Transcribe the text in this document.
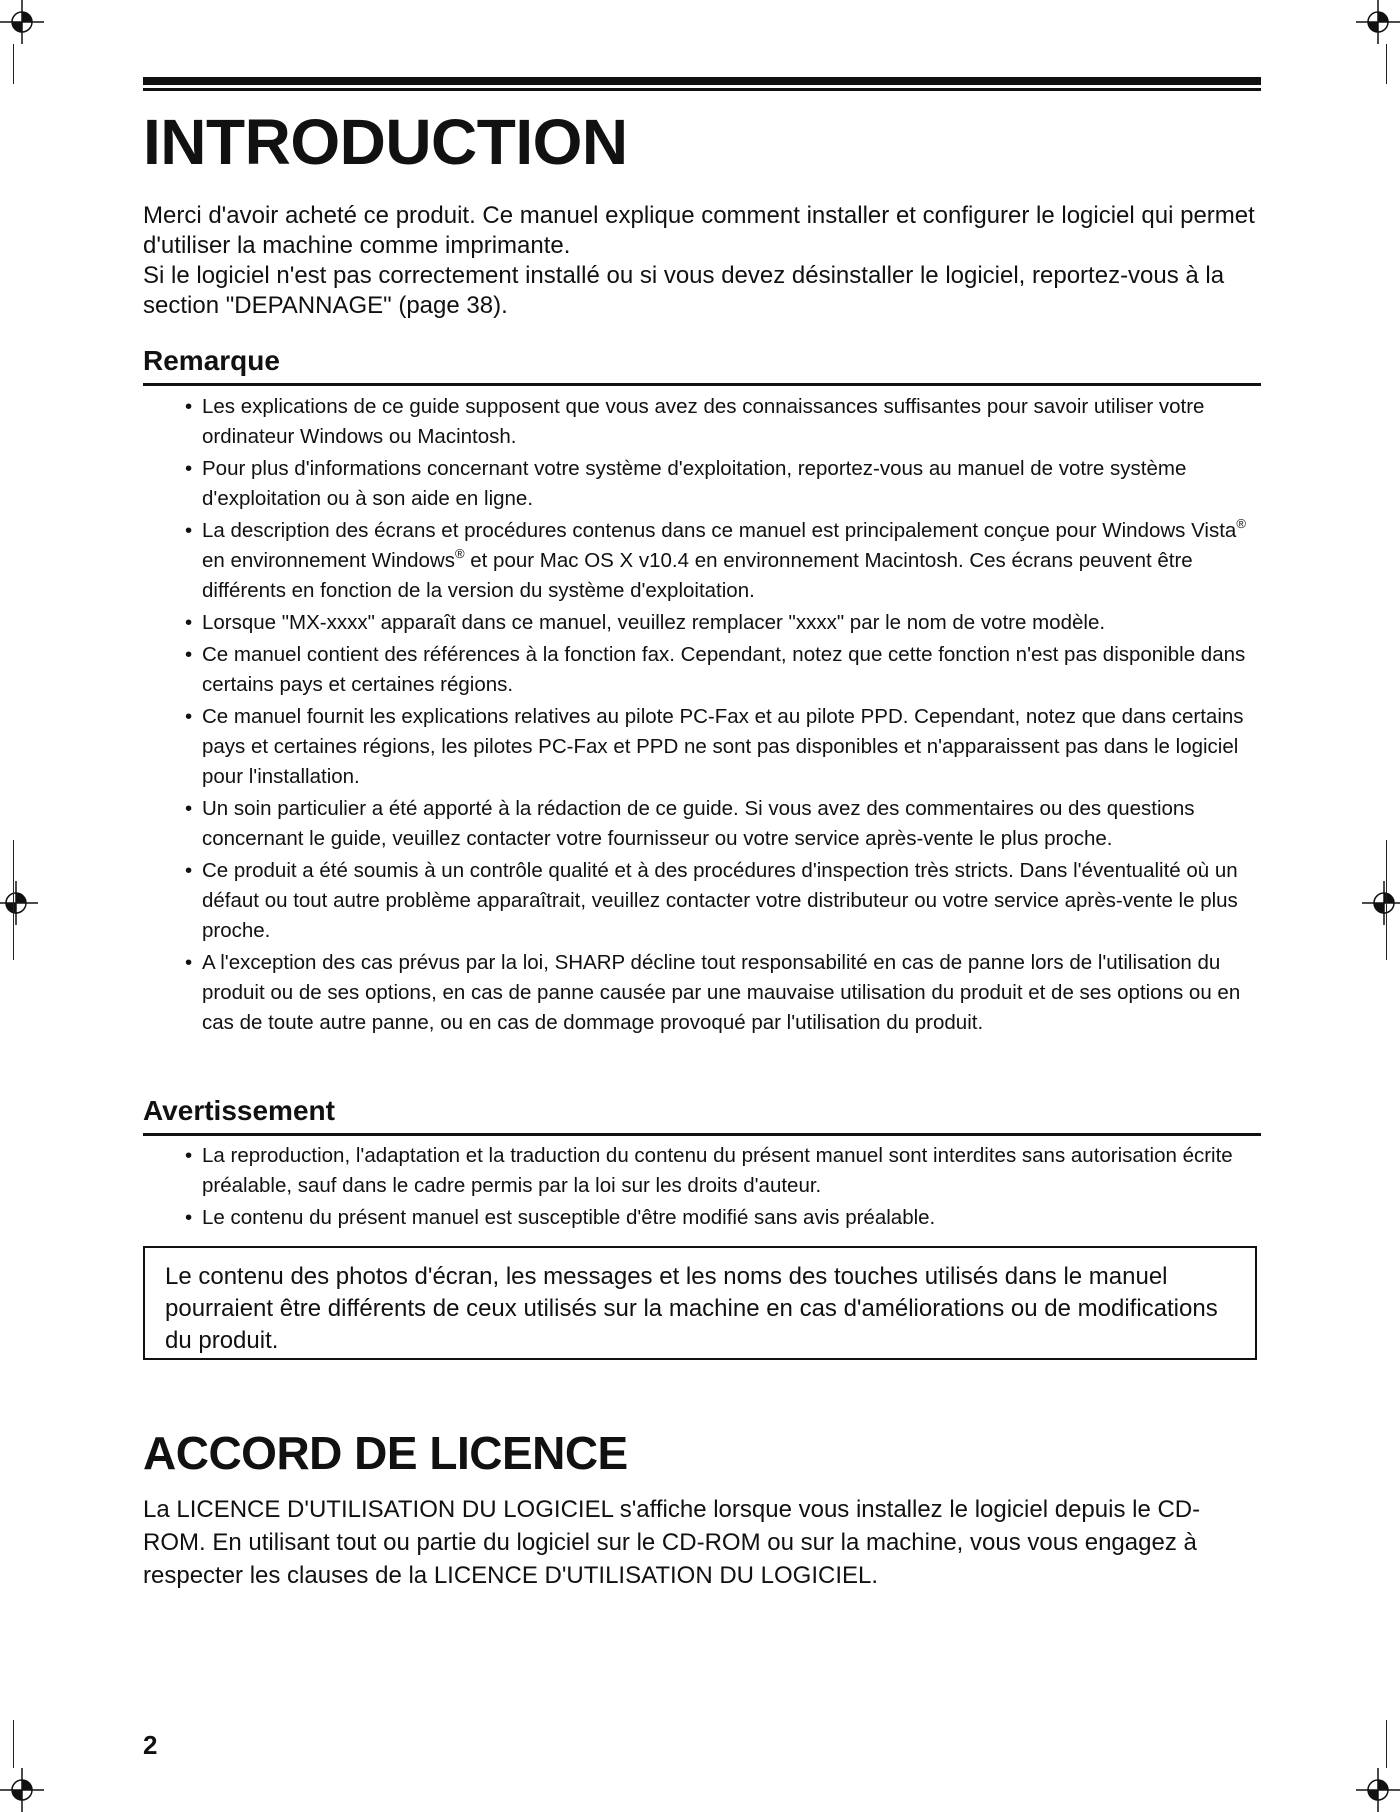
INTRODUCTION
Merci d'avoir acheté ce produit. Ce manuel explique comment installer et configurer le logiciel qui permet d'utiliser la machine comme imprimante.
Si le logiciel n'est pas correctement installé ou si vous devez désinstaller le logiciel, reportez-vous à la section "DEPANNAGE" (page 38).
Remarque
• Les explications de ce guide supposent que vous avez des connaissances suffisantes pour savoir utiliser votre ordinateur Windows ou Macintosh.
• Pour plus d'informations concernant votre système d'exploitation, reportez-vous au manuel de votre système d'exploitation ou à son aide en ligne.
• La description des écrans et procédures contenus dans ce manuel est principalement conçue pour Windows Vista® en environnement Windows® et pour Mac OS X v10.4 en environnement Macintosh. Ces écrans peuvent être différents en fonction de la version du système d'exploitation.
• Lorsque "MX-xxxx" apparaît dans ce manuel, veuillez remplacer "xxxx" par le nom de votre modèle.
• Ce manuel contient des références à la fonction fax. Cependant, notez que cette fonction n'est pas disponible dans certains pays et certaines régions.
• Ce manuel fournit les explications relatives au pilote PC-Fax et au pilote PPD. Cependant, notez que dans certains pays et certaines régions, les pilotes PC-Fax et PPD ne sont pas disponibles et n'apparaissent pas dans le logiciel pour l'installation.
• Un soin particulier a été apporté à la rédaction de ce guide. Si vous avez des commentaires ou des questions concernant le guide, veuillez contacter votre fournisseur ou votre service après-vente le plus proche.
• Ce produit a été soumis à un contrôle qualité et à des procédures d'inspection très stricts. Dans l'éventualité où un défaut ou tout autre problème apparaîtrait, veuillez contacter votre distributeur ou votre service après-vente le plus proche.
• A l'exception des cas prévus par la loi, SHARP décline tout responsabilité en cas de panne lors de l'utilisation du produit ou de ses options, en cas de panne causée par une mauvaise utilisation du produit et de ses options ou en cas de toute autre panne, ou en cas de dommage provoqué par l'utilisation du produit.
Avertissement
• La reproduction, l'adaptation et la traduction du contenu du présent manuel sont interdites sans autorisation écrite préalable, sauf dans le cadre permis par la loi sur les droits d'auteur.
• Le contenu du présent manuel est susceptible d'être modifié sans avis préalable.
Le contenu des photos d'écran, les messages et les noms des touches utilisés dans le manuel pourraient être différents de ceux utilisés sur la machine en cas d'améliorations ou de modifications du produit.
ACCORD DE LICENCE
La LICENCE D'UTILISATION DU LOGICIEL s'affiche lorsque vous installez le logiciel depuis le CD-ROM. En utilisant tout ou partie du logiciel sur le CD-ROM ou sur la machine, vous vous engagez à respecter les clauses de la LICENCE D'UTILISATION DU LOGICIEL.
2
